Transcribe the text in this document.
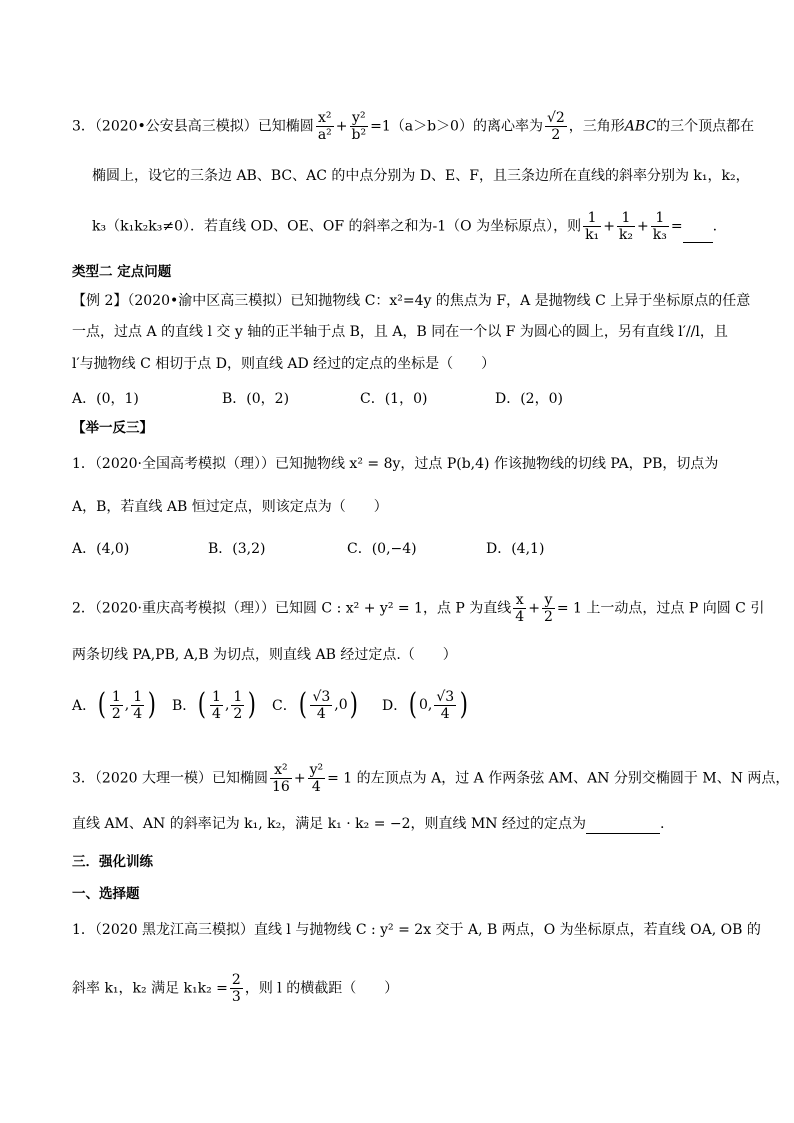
3．（2020•公安县高三模拟）已知椭圆 $\frac{\text{x²}}{\text{a²}} + \frac{\text{y²}}{\text{b²}} =1(a>b>0)$的离心率为 $\frac{√2}{2}$ ，三角形ABC的三个顶点都在
椭圆上，设它的三条边 AB、BC、AC 的中点分别为 D、E、F，且三条边所在直线的斜率分别为 k₁，k₂，
k₃（k₁k₂k₃≠0）．若直线 OD、OE、OF 的斜率之和为-1（O 为坐标原点），则 $\frac{1}{\text{k₁}} + \frac{1}{\text{k₂}} + \frac{1}{\text{k₃}}$ = .
类型二 定点问题
【例 2】（2020•渝中区高三模拟）已知抛物线 C：x²=4y 的焦点为 F，A 是抛物线 C 上异于坐标原点的任意
一点，过点 A 的直线 l 交 y 轴的正半轴于点 B，且 A，B 同在一个以 F 为圆心的圆上，另有直线 l′//l，且
l′与抛物线 C 相切于点 D，则直线 AD 经过的定点的坐标是（　　）
A．(0，1)	B．(0，2)	C．(1，0)	D．(2，0)
【举一反三】
1．（2020·全国高考模拟（理））已知抛物线 x² = 8y，过点 P(b,4) 作该抛物线的切线 PA，PB，切点为
A，B，若直线 AB 恒过定点，则该定点为（　　）
A．(4,0)	B．(3,2)	C．(0,−4)	D．(4,1)
2．（2020·重庆高考模拟（理））已知圆 C : x² + y² = 1，点 P 为直线 $\frac{x}{4} + \frac{y}{2} = 1$ 上一动点，过点 P 向圆 C 引
两条切线 PA,PB, A,B 为切点，则直线 AB 经过定点.（　　）
A． ( $\frac{1}{2}$ , $\frac{1}{4}$ ) B． ( $\frac{1}{4}$ , $\frac{1}{2}$ ) C． ( $\frac{√3}{4}$ , 0 ) D． ( 0 , $\frac{√3}{4}$ )
3．（2020 大理一模）已知椭圆 $\frac{\text{x²}}{16} + \frac{\text{y²}}{4} = 1$ 的左顶点为 A，过 A 作两条弦 AM、AN 分别交椭圆于 M、N 两点，
直线 AM、AN 的斜率记为 k₁, k₂，满足 k₁ · k₂ = −2，则直线 MN 经过的定点为	.
三．强化训练
一、选择题
1．（2020 黑龙江高三模拟）直线 l 与抛物线 C : y² = 2x 交于 A, B 两点，O 为坐标原点，若直线 OA, OB 的
斜率 k₁，k₂ 满足 $k_1k_2 = \frac{2}{3}$ ，则 l 的横截距（　　）
